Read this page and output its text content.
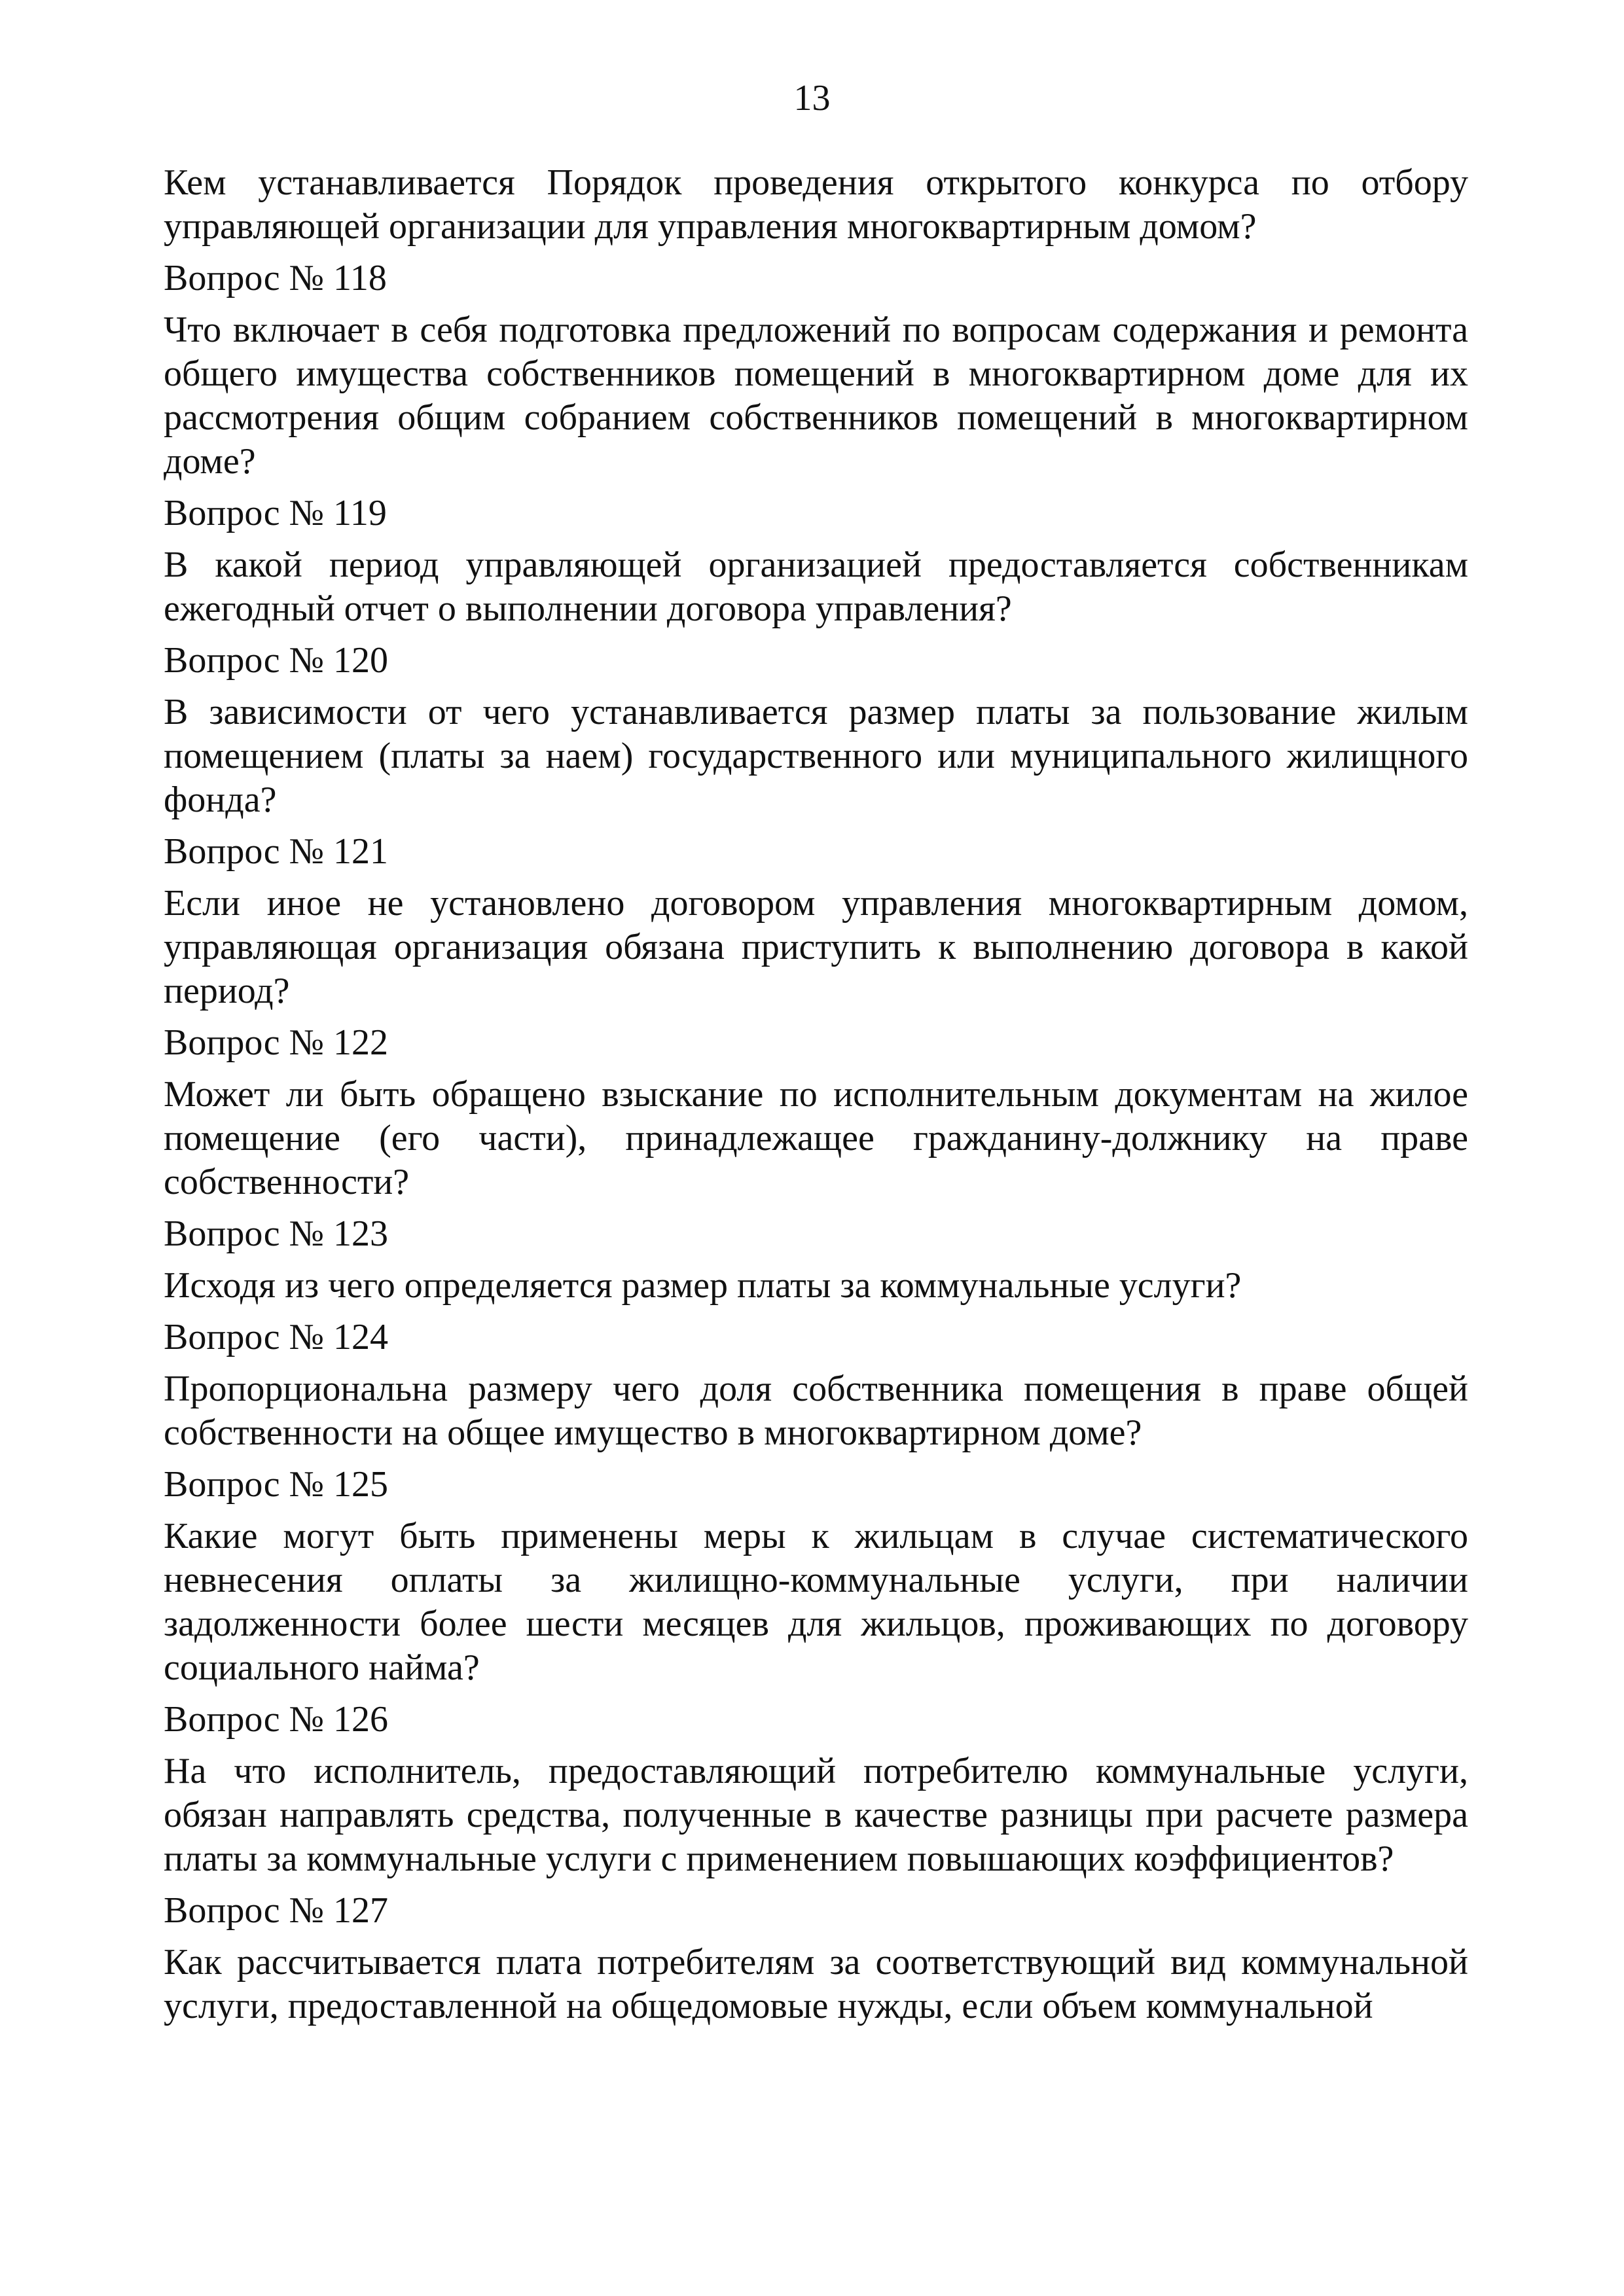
13

Кем устанавливается Порядок проведения открытого конкурса по отбору управляющей организации для управления многоквартирным домом?

Вопрос № 118

Что включает в себя подготовка предложений по вопросам содержания и ремонта общего имущества собственников помещений в многоквартирном доме для их рассмотрения общим собранием собственников помещений в многоквартирном доме?

Вопрос № 119

В какой период управляющей организацией предоставляется собственникам ежегодный отчет о выполнении договора управления?

Вопрос № 120

В зависимости от чего устанавливается размер платы за пользование жилым помещением (платы за наем) государственного или муниципального жилищного фонда?

Вопрос № 121

Если иное не установлено договором управления многоквартирным домом, управляющая организация обязана приступить к выполнению договора в какой период?

Вопрос № 122

Может ли быть обращено взыскание по исполнительным документам на жилое помещение (его части), принадлежащее гражданину-должнику на праве собственности?

Вопрос № 123

Исходя из чего определяется размер платы за коммунальные услуги?

Вопрос № 124

Пропорциональна размеру чего доля собственника помещения в праве общей собственности на общее имущество в многоквартирном доме?

Вопрос № 125

Какие могут быть применены меры к жильцам в случае систематического невнесения оплаты за жилищно-коммунальные услуги, при наличии задолженности более шести месяцев для жильцов, проживающих по договору социального найма?

Вопрос № 126

На что исполнитель, предоставляющий потребителю коммунальные услуги, обязан направлять средства, полученные в качестве разницы при расчете размера платы за коммунальные услуги с применением повышающих коэффициентов?

Вопрос № 127

Как рассчитывается плата потребителям за соответствующий вид коммунальной услуги, предоставленной на общедомовые нужды, если объем коммунальной
